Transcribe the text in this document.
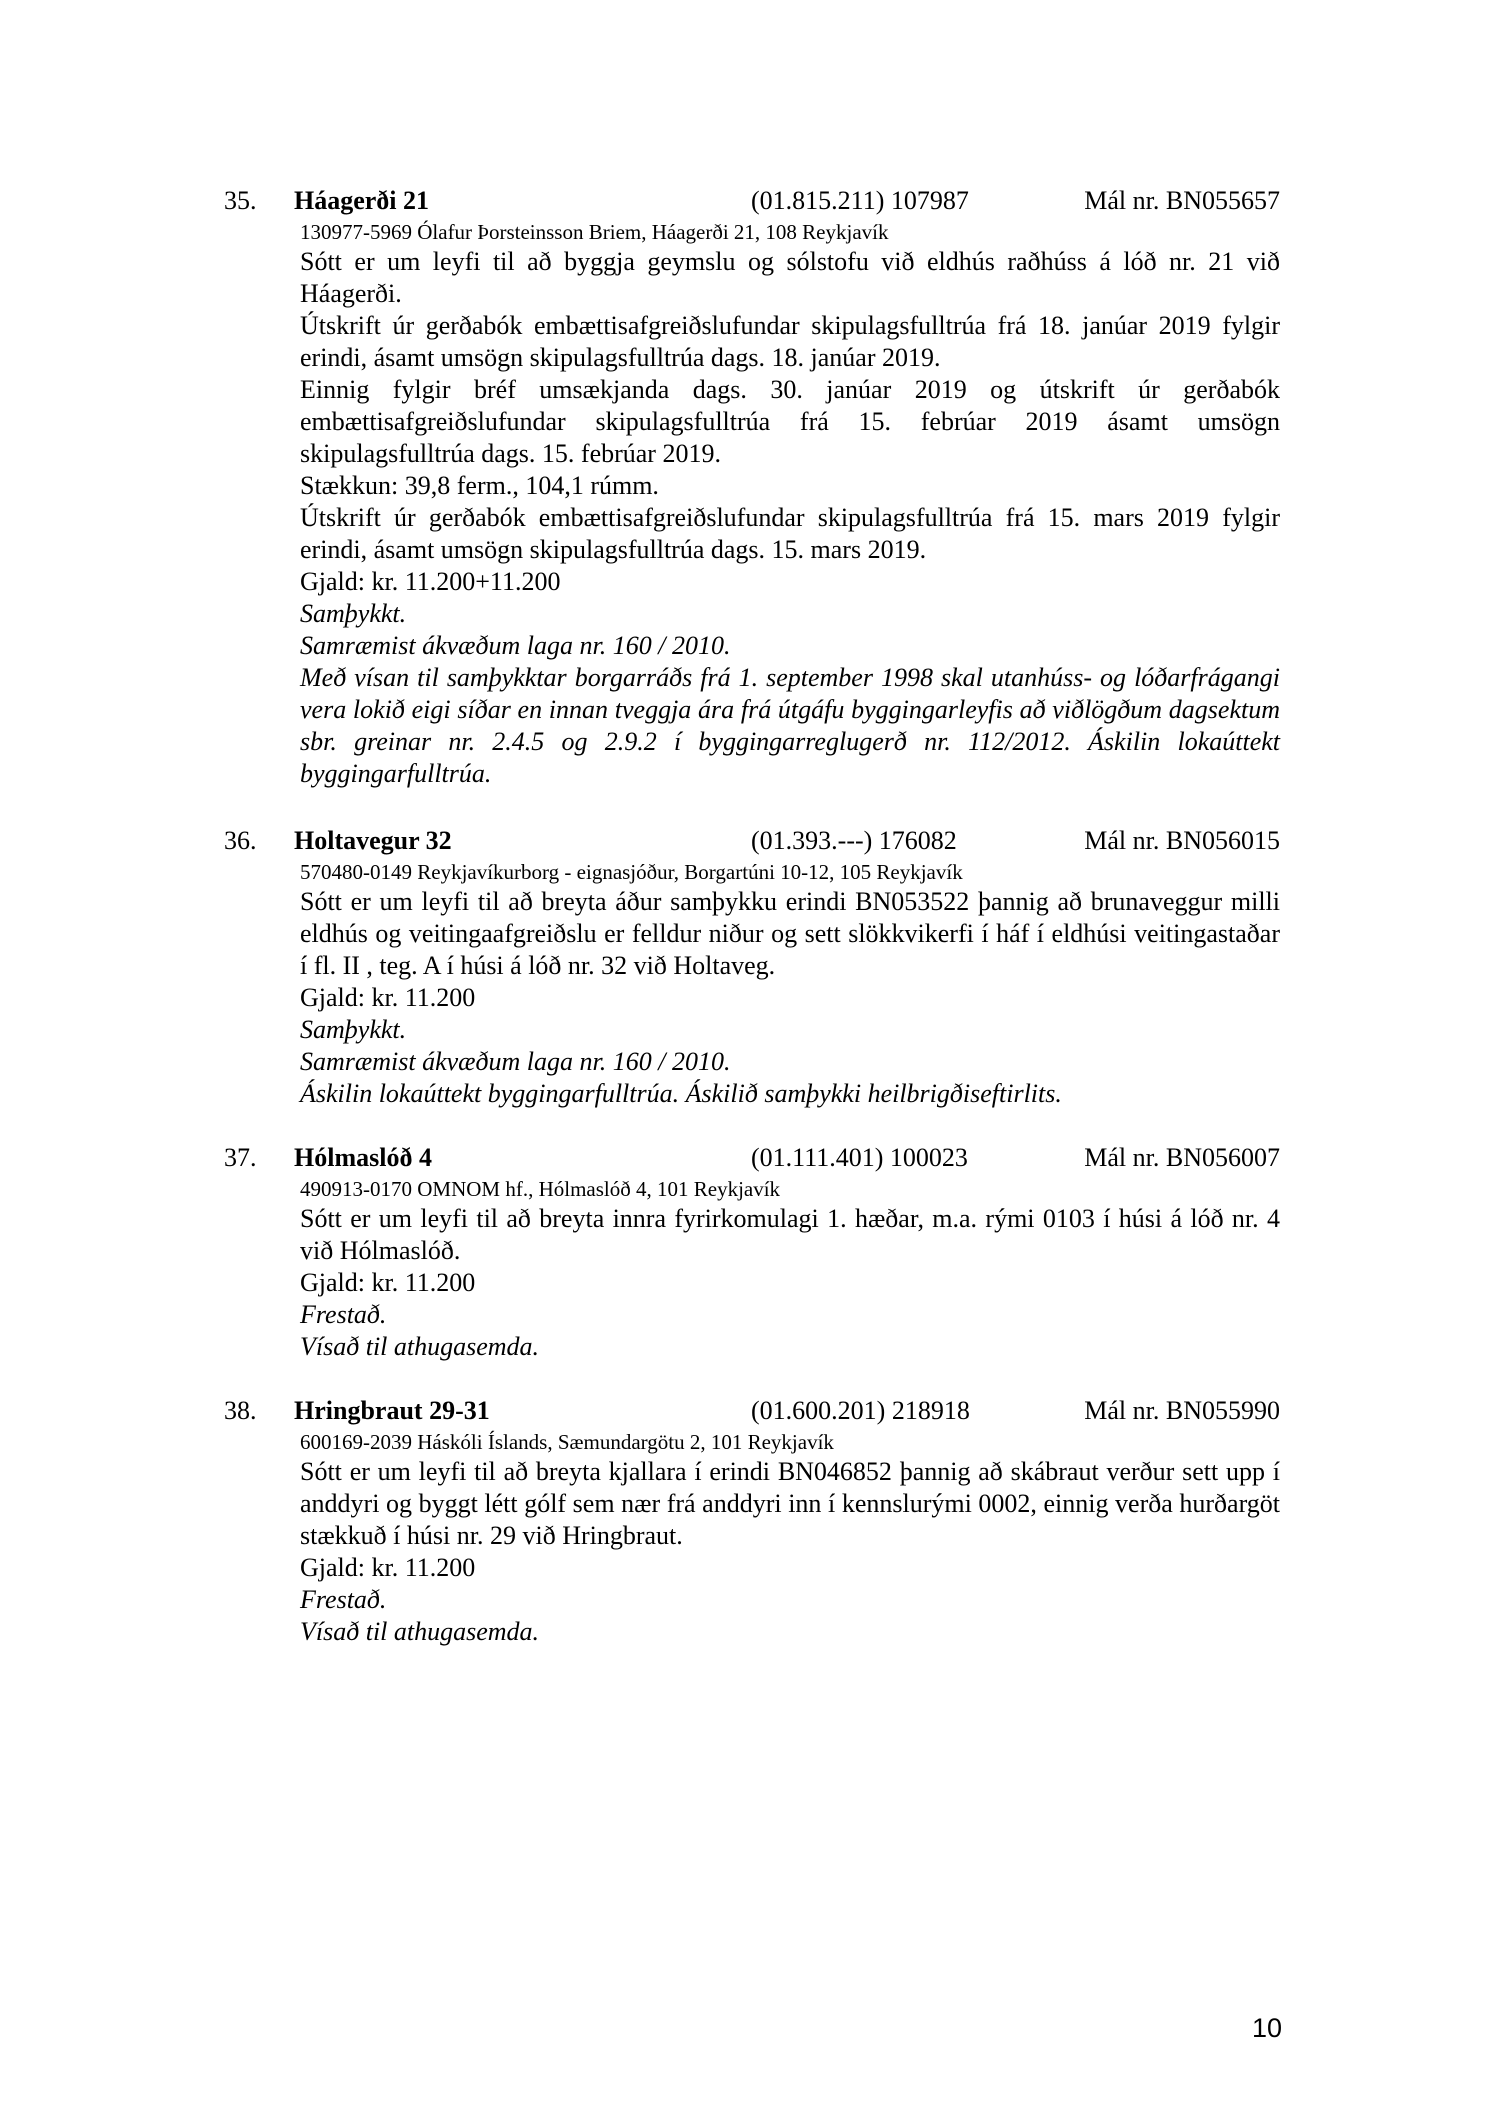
35. Háagerði 21	(01.815.211) 107987	Mál nr. BN055657
130977-5969 Ólafur Þorsteinsson Briem, Háagerði 21, 108 Reykjavík

Sótt er um leyfi til að byggja geymslu og sólstofu við eldhús raðhúss á lóð nr. 21 við Háagerði.

Útskrift úr gerðabók embættisafgreiðslufundar skipulagsfulltrúa frá 18. janúar 2019 fylgir erindi, ásamt umsögn skipulagsfulltrúa dags. 18. janúar 2019.

Einnig fylgir bréf umsækjanda dags. 30. janúar 2019 og útskrift úr gerðabók embættisafgreiðslufundar skipulagsfulltrúa frá 15. febrúar 2019 ásamt umsögn skipulagsfulltrúa dags. 15. febrúar 2019.

Stækkun: 39,8 ferm., 104,1 rúmm.

Útskrift úr gerðabók embættisafgreiðslufundar skipulagsfulltrúa frá 15. mars 2019 fylgir erindi, ásamt umsögn skipulagsfulltrúa dags. 15. mars 2019.

Gjald: kr. 11.200+11.200

Samþykkt.

Samræmist ákvæðum laga nr. 160 / 2010.

Með vísan til samþykktar borgarráðs frá 1. september 1998 skal utanhúss- og lóðarfrágangi vera lokið eigi síðar en innan tveggja ára frá útgáfu byggingarleyfis að viðlögðum dagsektum sbr. greinar nr. 2.4.5 og 2.9.2 í byggingarreglugerð nr. 112/2012. Áskilin lokaúttekt byggingarfulltrúa.

36. Holtavegur 32	(01.393.---) 176082	Mál nr. BN056015
570480-0149 Reykjavíkurborg - eignasjóður, Borgartúni 10-12, 105 Reykjavík

Sótt er um leyfi til að breyta áður samþykku erindi BN053522 þannig að brunaveggur milli eldhús og veitingaafgreiðslu er felldur niður og sett slökkvikerfi í háf í eldhúsi veitingastaðar í fl. II , teg. A í húsi á lóð nr. 32 við Holtaveg.

Gjald: kr. 11.200

Samþykkt.

Samræmist ákvæðum laga nr. 160 / 2010.

Áskilin lokaúttekt byggingarfulltrúa. Áskilið samþykki heilbrigðiseftirlits.

37. Hólmaslóð 4	(01.111.401) 100023	Mál nr. BN056007
490913-0170 OMNOM hf., Hólmaslóð 4, 101 Reykjavík

Sótt er um leyfi til að breyta innra fyrirkomulagi 1. hæðar, m.a. rými 0103 í húsi á lóð nr. 4 við Hólmaslóð.

Gjald: kr. 11.200

Frestað.

Vísað til athugasemda.

38. Hringbraut 29-31	(01.600.201) 218918	Mál nr. BN055990
600169-2039 Háskóli Íslands, Sæmundargötu 2, 101 Reykjavík

Sótt er um leyfi til að breyta kjallara í erindi BN046852 þannig að skábraut verður sett upp í anddyri og byggt létt gólf sem nær frá anddyri inn í kennslurými 0002, einnig verða hurðargöt stækkuð í húsi nr. 29 við Hringbraut.

Gjald: kr. 11.200

Frestað.

Vísað til athugasemda.

10
